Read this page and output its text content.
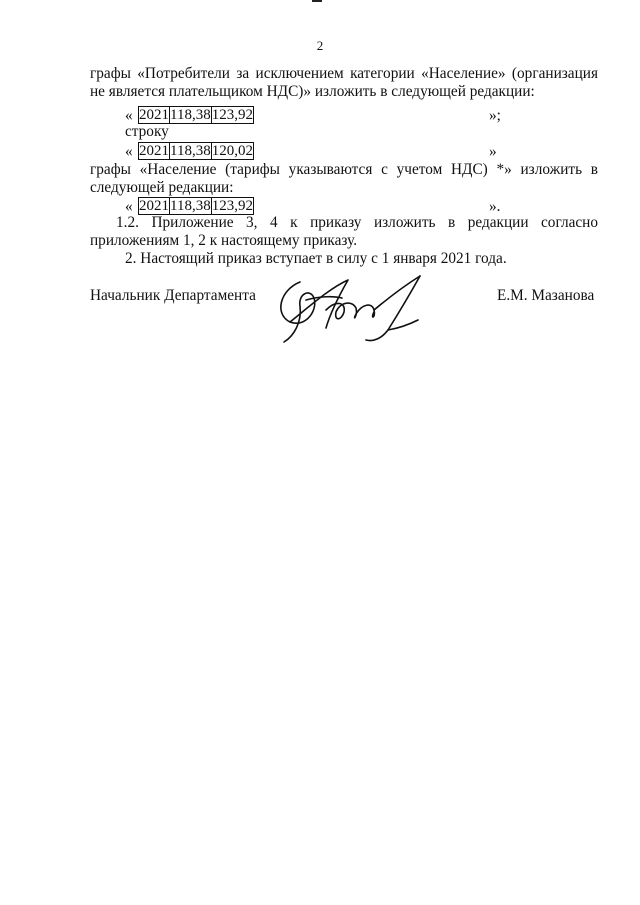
2
графы «Потребители за исключением категории «Население» (организация
не является плательщиком НДС)» изложить в следующей редакции:
« 2021	118,38	123,92	»;
строку
« 2021	118,38	120,02	»
графы «Население (тарифы указываются с учетом НДС) *» изложить в
следующей редакции:
« 2021	118,38	123,92	».
1.2. Приложение 3, 4 к приказу изложить в редакции согласно
приложениям 1, 2 к настоящему приказу.
2. Настоящий приказ вступает в силу с 1 января 2021 года.
Начальник Департамента	Е.М. Мазанова
